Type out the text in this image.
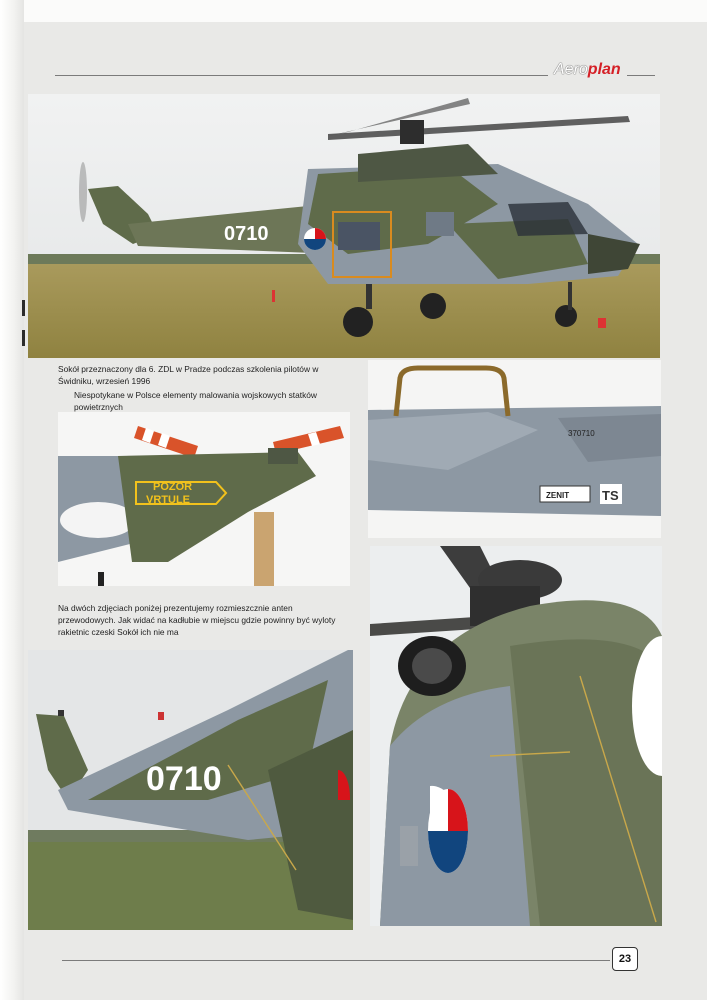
Aeroplan
0710

Sokół przeznaczony dla 6. ZDL w Pradze podczas szkolenia pilotów w Świdniku, wrzesień 1996

Niespotykane w Polsce elementy malowania wojskowych statków powietrznych

POZOR
VRTULE
370710
ZENIT	TS

Na dwóch zdjęciach poniżej prezentujemy rozmieszcznie anten przewodowych. Jak widać na kadłubie w miejscu gdzie powinny być wyloty rakietnic czeski Sokół ich nie ma

0710
23
